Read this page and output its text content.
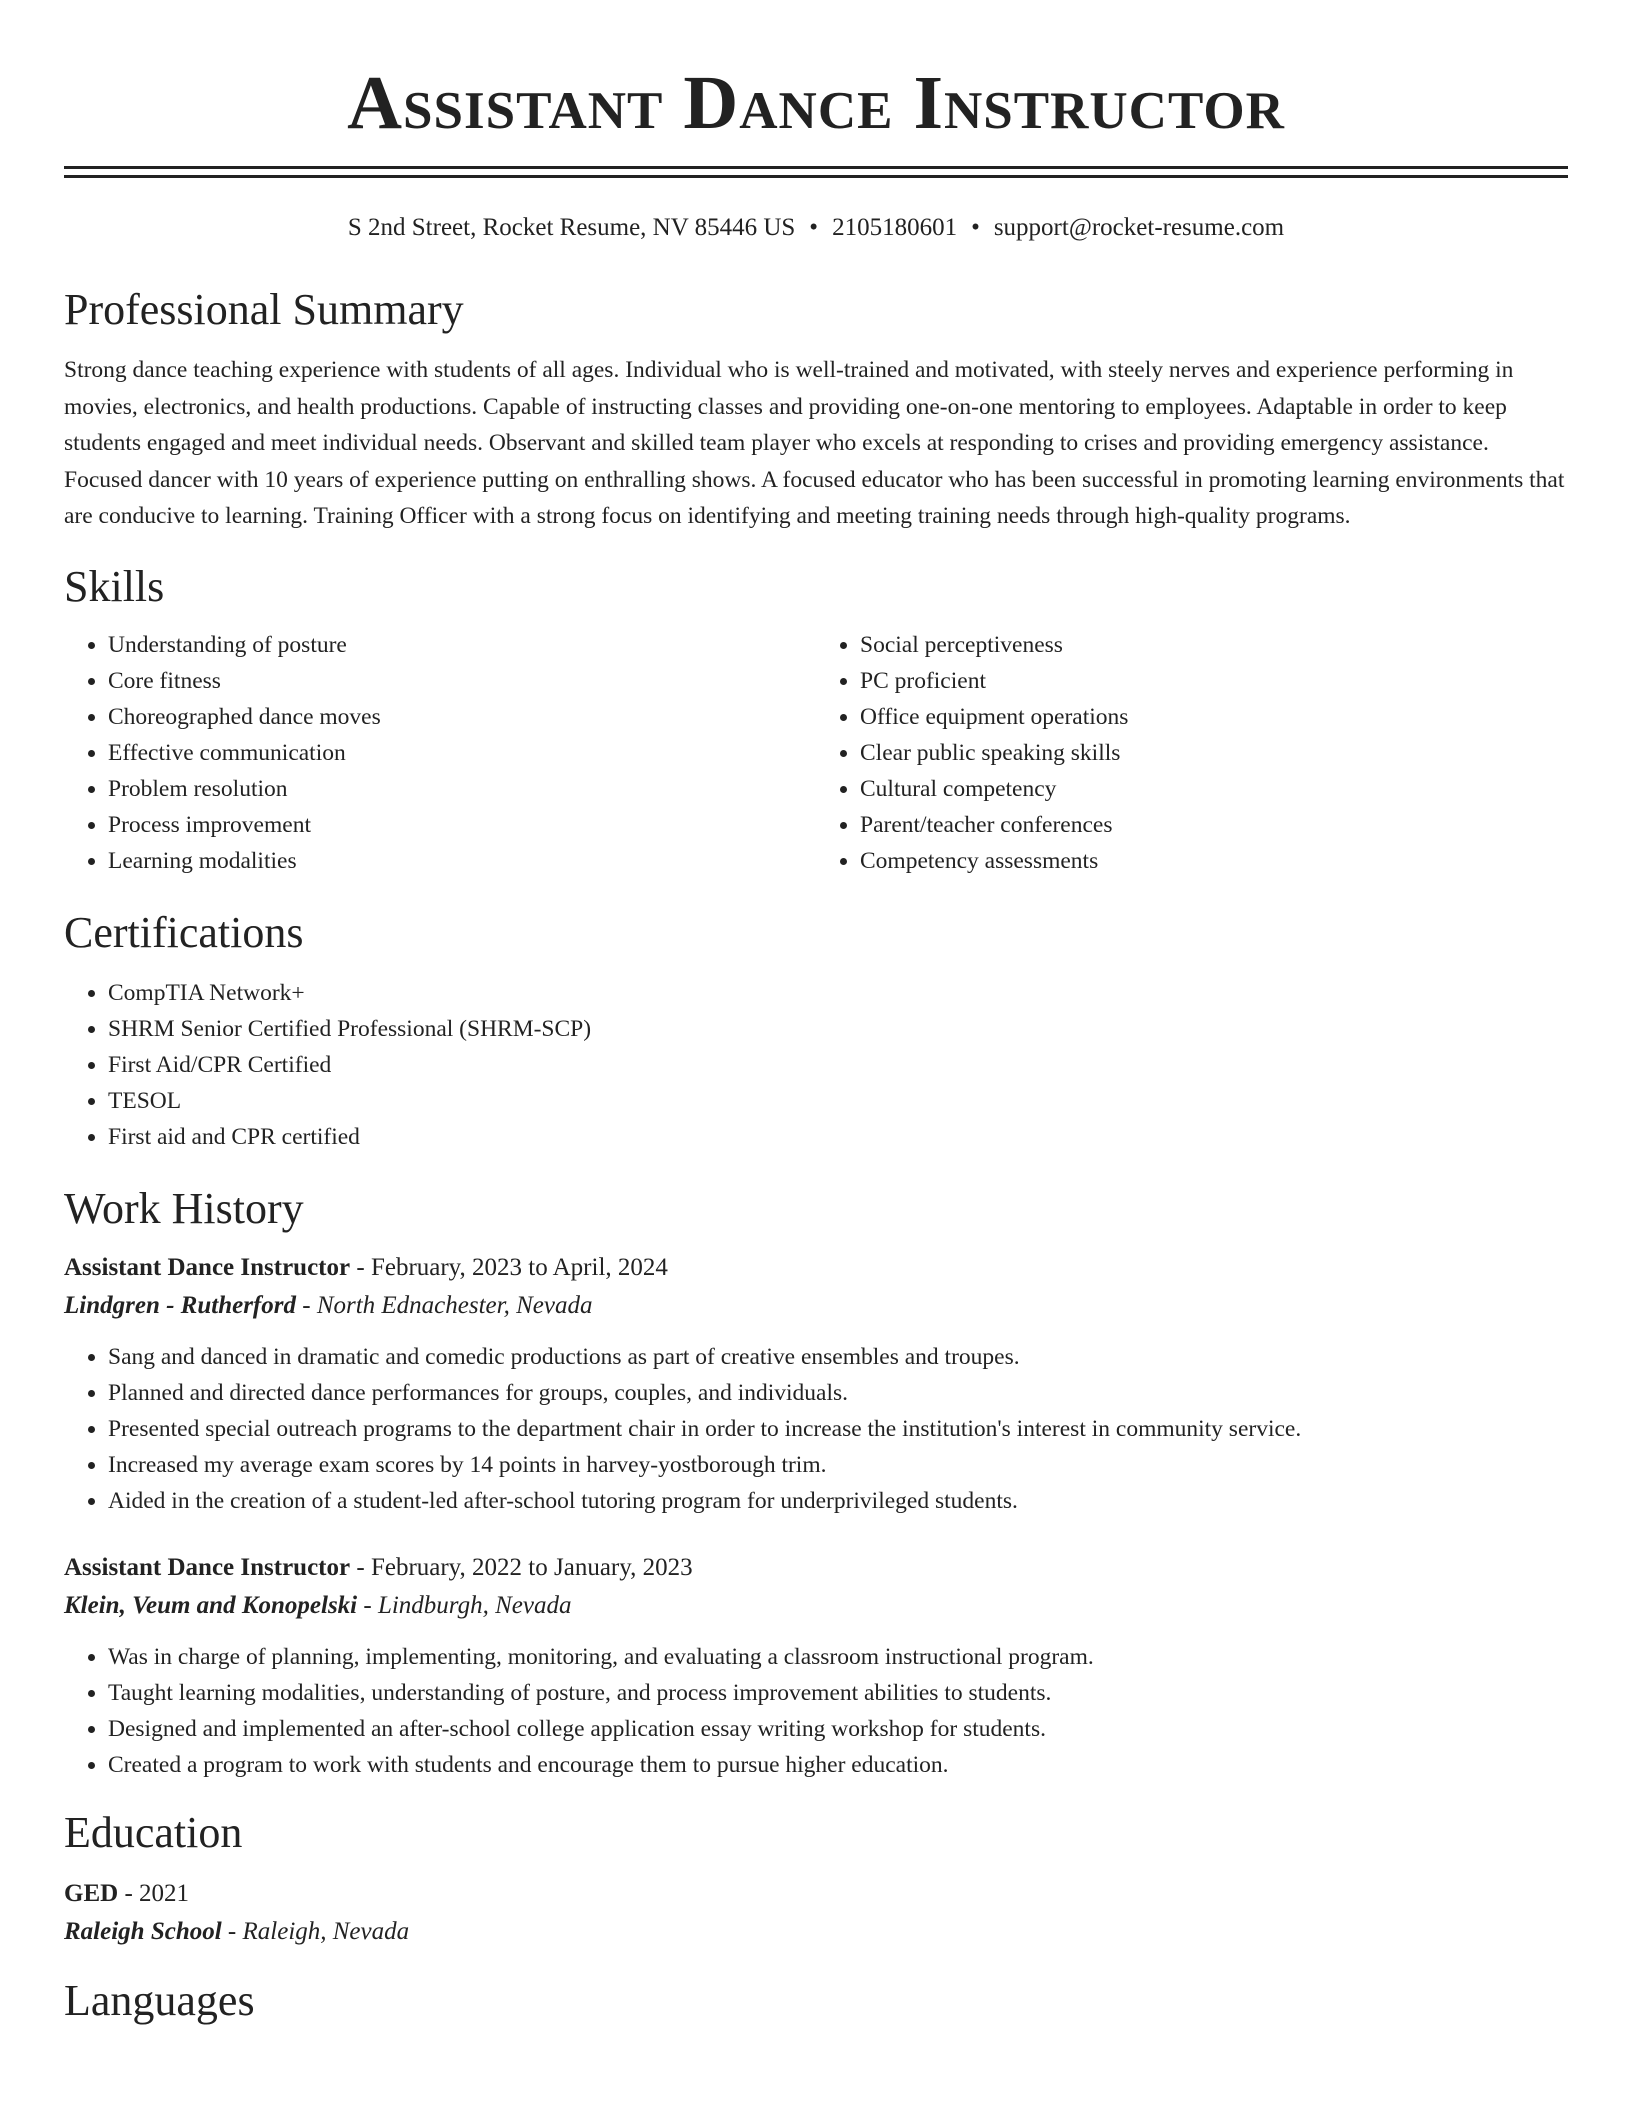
Assistant Dance Instructor
S 2nd Street, Rocket Resume, NV 85446 US • 2105180601 • support@rocket-resume.com
Professional Summary

Strong dance teaching experience with students of all ages. Individual who is well-trained and motivated, with steely nerves and experience performing in movies, electronics, and health productions. Capable of instructing classes and providing one-on-one mentoring to employees. Adaptable in order to keep students engaged and meet individual needs. Observant and skilled team player who excels at responding to crises and providing emergency assistance. Focused dancer with 10 years of experience putting on enthralling shows. A focused educator who has been successful in promoting learning environments that are conducive to learning. Training Officer with a strong focus on identifying and meeting training needs through high-quality programs.

Skills
• Understanding of posture
• Core fitness
• Choreographed dance moves
• Effective communication
• Problem resolution
• Process improvement
• Learning modalities
• Social perceptiveness
• PC proficient
• Office equipment operations
• Clear public speaking skills
• Cultural competency
• Parent/teacher conferences
• Competency assessments
Certifications
• CompTIA Network+
• SHRM Senior Certified Professional (SHRM-SCP)
• First Aid/CPR Certified
• TESOL
• First aid and CPR certified
Work History
Assistant Dance Instructor - February, 2023 to April, 2024
Lindgren - Rutherford - North Ednachester, Nevada
• Sang and danced in dramatic and comedic productions as part of creative ensembles and troupes.
• Planned and directed dance performances for groups, couples, and individuals.
• Presented special outreach programs to the department chair in order to increase the institution's interest in community service.
• Increased my average exam scores by 14 points in harvey-yostborough trim.
• Aided in the creation of a student-led after-school tutoring program for underprivileged students.
Assistant Dance Instructor - February, 2022 to January, 2023
Klein, Veum and Konopelski - Lindburgh, Nevada
• Was in charge of planning, implementing, monitoring, and evaluating a classroom instructional program.
• Taught learning modalities, understanding of posture, and process improvement abilities to students.
• Designed and implemented an after-school college application essay writing workshop for students.
• Created a program to work with students and encourage them to pursue higher education.
Education
GED - 2021
Raleigh School - Raleigh, Nevada
Languages
